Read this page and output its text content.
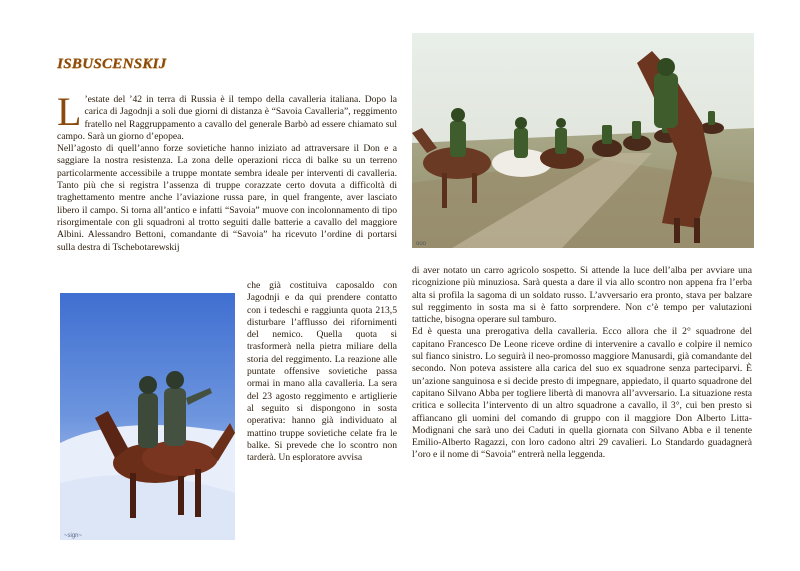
ISBUSCENSKIJ
L ’estate del ’42 in terra di Russia è il tempo della cavalleria italiana. Dopo la carica di Jagodnji a soli due giorni di distanza è “Savoia Cavalleria”, reggimento fratello nel Raggruppamento a cavallo del generale Barbò ad essere chiamato sul campo. Sarà un giorno d’epopea.

Nell’agosto di quell’anno forze sovietiche hanno iniziato ad attraversare il Don e a saggiare la nostra resistenza. La zona delle operazioni ricca di balke su un terreno particolarmente accessibile a truppe montate sembra ideale per interventi di cavalleria. Tanto più che si registra l’assenza di truppe corazzate certo dovuta a difficoltà di traghettamento mentre anche l’aviazione russa pare, in quel frangente, aver lasciato libero il campo. Si torna all’antico e infatti “Savoia” muove con incolonnamento di tipo risorgimentale con gli squadroni al trotto seguiti dalle batterie a cavallo del maggiore Albini. Alessandro Bettoni, comandante di “Savoia” ha ricevuto l’ordine di portarsi sulla destra di Tschebotarewskij

che già costituiva caposaldo con Jagodnji e da qui prendere contatto con i tedeschi e raggiunta quota 213,5 disturbare l’afflusso dei rifornimenti del nemico. Quella quota si trasformerà nella pietra miliare della storia del reggimento. La reazione alle puntate offensive sovietiche passa ormai in mano alla cavalleria. La sera del 23 agosto reggimento e artiglierie al seguito si dispongono in sosta operativa: hanno già individuato al mattino truppe sovietiche celate fra le balke. Si prevede che lo scontro non tarderà. Un esploratore avvisa

di aver notato un carro agricolo sospetto. Si attende la luce dell’alba per avviare una ricognizione più minuziosa. Sarà questa a dare il via allo scontro non appena fra l’erba alta si profila la sagoma di un soldato russo. L’avversario era pronto, stava per balzare sul reggimento in sosta ma si è fatto sorprendere. Non c’è tempo per valutazioni tattiche, bisogna operare sul tamburo.

Ed è questa una prerogativa della cavalleria. Ecco allora che il 2° squadrone del capitano Francesco De Leone riceve ordine di intervenire a cavallo e colpire il nemico sul fianco sinistro. Lo seguirà il neo-promosso maggiore Manusardi, già comandante del secondo. Non poteva assistere alla carica del suo ex squadrone senza parteciparvi. È un’azione sanguinosa e si decide presto di impegnare, appiedato, il quarto squadrone del capitano Silvano Abba per togliere libertà di manovra all’avversario. La situazione resta critica e sollecita l’intervento di un altro squadrone a cavallo, il 3°, cui ben presto si affiancano gli uomini del comando di gruppo con il maggiore Don Alberto Litta-Modignani che sarà uno dei Caduti in quella giornata con Silvano Abba e il tenente Emilio-Alberto Ragazzi, con loro cadono altri 29 cavalieri. Lo Standardo guadagnerà l’oro e il nome di “Savoia” entrerà nella leggenda.

ooo
~sign~
